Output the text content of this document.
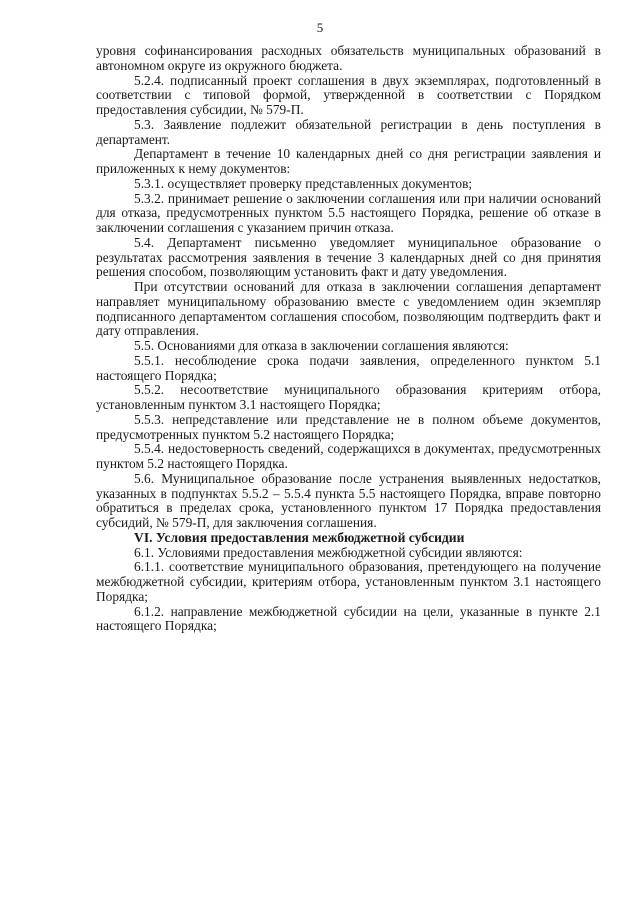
5

уровня софинансирования расходных обязательств муниципальных образований в автономном округе из окружного бюджета.

5.2.4. подписанный проект соглашения в двух экземплярах, подготовленный в соответствии с типовой формой, утвержденной в соответствии с Порядком предоставления субсидии, № 579-П.

5.3. Заявление подлежит обязательной регистрации в день поступления в департамент.

Департамент в течение 10 календарных дней со дня регистрации заявления и приложенных к нему документов:

5.3.1. осуществляет проверку представленных документов;

5.3.2. принимает решение о заключении соглашения или при наличии оснований для отказа, предусмотренных пунктом 5.5 настоящего Порядка, решение об отказе в заключении соглашения с указанием причин отказа.

5.4. Департамент письменно уведомляет муниципальное образование о результатах рассмотрения заявления в течение 3 календарных дней со дня принятия решения способом, позволяющим установить факт и дату уведомления.

При отсутствии оснований для отказа в заключении соглашения департамент направляет муниципальному образованию вместе с уведомлением один экземпляр подписанного департаментом соглашения способом, позволяющим подтвердить факт и дату отправления.

5.5. Основаниями для отказа в заключении соглашения являются:

5.5.1. несоблюдение срока подачи заявления, определенного пунктом 5.1 настоящего Порядка;

5.5.2. несоответствие муниципального образования критериям отбора, установленным пунктом 3.1 настоящего Порядка;

5.5.3. непредставление или представление не в полном объеме документов, предусмотренных пунктом 5.2 настоящего Порядка;

5.5.4. недостоверность сведений, содержащихся в документах, предусмотренных пунктом 5.2 настоящего Порядка.

5.6. Муниципальное образование после устранения выявленных недостатков, указанных в подпунктах 5.5.2 – 5.5.4 пункта 5.5 настоящего Порядка, вправе повторно обратиться в пределах срока, установленного пунктом 17 Порядка предоставления субсидий, № 579-П, для заключения соглашения.

VI. Условия предоставления межбюджетной субсидии

6.1. Условиями предоставления межбюджетной субсидии являются:

6.1.1. соответствие муниципального образования, претендующего на получение межбюджетной субсидии, критериям отбора, установленным пунктом 3.1 настоящего Порядка;

6.1.2. направление межбюджетной субсидии на цели, указанные в пункте 2.1 настоящего Порядка;
